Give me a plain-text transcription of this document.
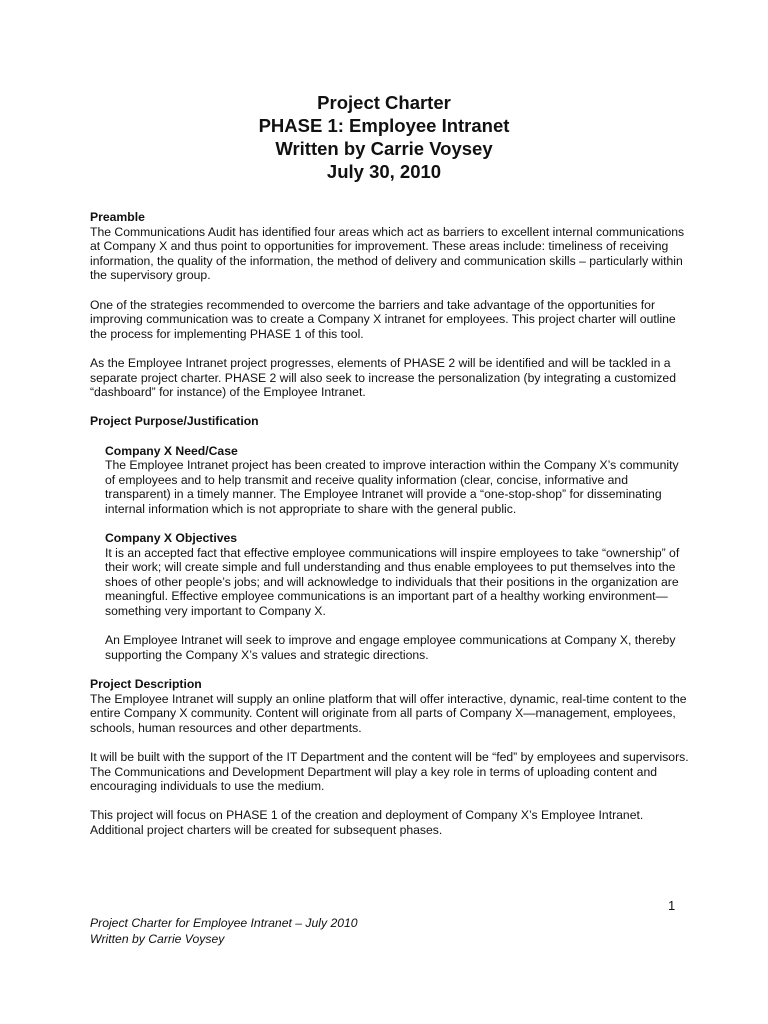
Project Charter
PHASE 1: Employee Intranet
Written by Carrie Voysey
July 30, 2010
Preamble

The Communications Audit has identified four areas which act as barriers to excellent internal communications at Company X and thus point to opportunities for improvement. These areas include: timeliness of receiving information, the quality of the information, the method of delivery and communication skills – particularly within the supervisory group.

One of the strategies recommended to overcome the barriers and take advantage of the opportunities for improving communication was to create a Company X intranet for employees. This project charter will outline the process for implementing PHASE 1 of this tool.

As the Employee Intranet project progresses, elements of PHASE 2 will be identified and will be tackled in a separate project charter. PHASE 2 will also seek to increase the personalization (by integrating a customized “dashboard” for instance) of the Employee Intranet.

Project Purpose/Justification
Company X Need/Case

The Employee Intranet project has been created to improve interaction within the Company X’s community of employees and to help transmit and receive quality information (clear, concise, informative and transparent) in a timely manner. The Employee Intranet will provide a “one-stop-shop” for disseminating internal information which is not appropriate to share with the general public.

Company X Objectives

It is an accepted fact that effective employee communications will inspire employees to take “ownership” of their work; will create simple and full understanding and thus enable employees to put themselves into the shoes of other people’s jobs; and will acknowledge to individuals that their positions in the organization are meaningful. Effective employee communications is an important part of a healthy working environment—something very important to Company X.

An Employee Intranet will seek to improve and engage employee communications at Company X, thereby supporting the Company X’s values and strategic directions.

Project Description

The Employee Intranet will supply an online platform that will offer interactive, dynamic, real-time content to the entire Company X community. Content will originate from all parts of Company X—management, employees, schools, human resources and other departments.

It will be built with the support of the IT Department and the content will be “fed” by employees and supervisors. The Communications and Development Department will play a key role in terms of uploading content and encouraging individuals to use the medium.

This project will focus on PHASE 1 of the creation and deployment of Company X’s Employee Intranet. Additional project charters will be created for subsequent phases.

1
Project Charter for Employee Intranet – July 2010
Written by Carrie Voysey
